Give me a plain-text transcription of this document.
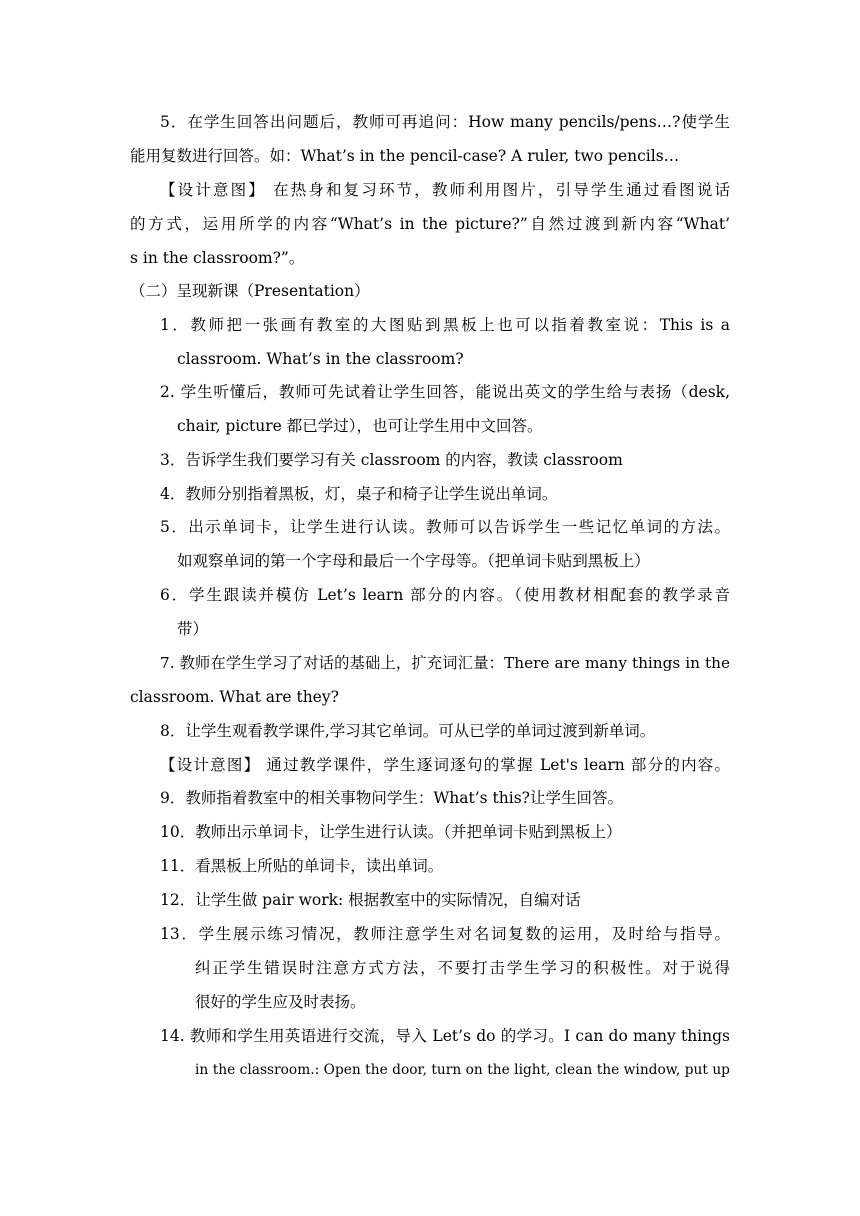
5．在学生回答出问题后，教师可再追问：How many pencils/pens…?使学生
能用复数进行回答。如：What’s in the pencil-case? A ruler, two pencils…
【设计意图】 在热身和复习环节，教师利用图片，引导学生通过看图说话
的方式，运用所学的内容“What’s in the picture?”自然过渡到新内容“What’
s in the classroom?”。
（二）呈现新课（Presentation）
1．教师把一张画有教室的大图贴到黑板上也可以指着教室说：This is a
classroom. What’s in the classroom?
2. 学生听懂后，教师可先试着让学生回答，能说出英文的学生给与表扬（desk,
chair, picture 都已学过），也可让学生用中文回答。
3．告诉学生我们要学习有关 classroom 的内容，教读 classroom
4．教师分别指着黑板，灯，桌子和椅子让学生说出单词。
5．出示单词卡，让学生进行认读。教师可以告诉学生一些记忆单词的方法。
如观察单词的第一个字母和最后一个字母等。（把单词卡贴到黑板上）
6．学生跟读并模仿 Let’s learn 部分的内容。（使用教材相配套的教学录音
带）
7. 教师在学生学习了对话的基础上，扩充词汇量：There are many things in the
classroom. What are they?
8．让学生观看教学课件,学习其它单词。可从已学的单词过渡到新单词。
【设计意图】 通过教学课件，学生逐词逐句的掌握 Let's learn 部分的内容。
9．教师指着教室中的相关事物问学生：What’s this?让学生回答。
10．教师出示单词卡，让学生进行认读。（并把单词卡贴到黑板上）
11．看黑板上所贴的单词卡，读出单词。
12．让学生做 pair work: 根据教室中的实际情况，自编对话
13．学生展示练习情况，教师注意学生对名词复数的运用，及时给与指导。
纠正学生错误时注意方式方法，不要打击学生学习的积极性。对于说得
很好的学生应及时表扬。
14. 教师和学生用英语进行交流，导入 Let’s do 的学习。I can do many things
in the classroom.: Open the door, turn on the light, clean the window, put up
